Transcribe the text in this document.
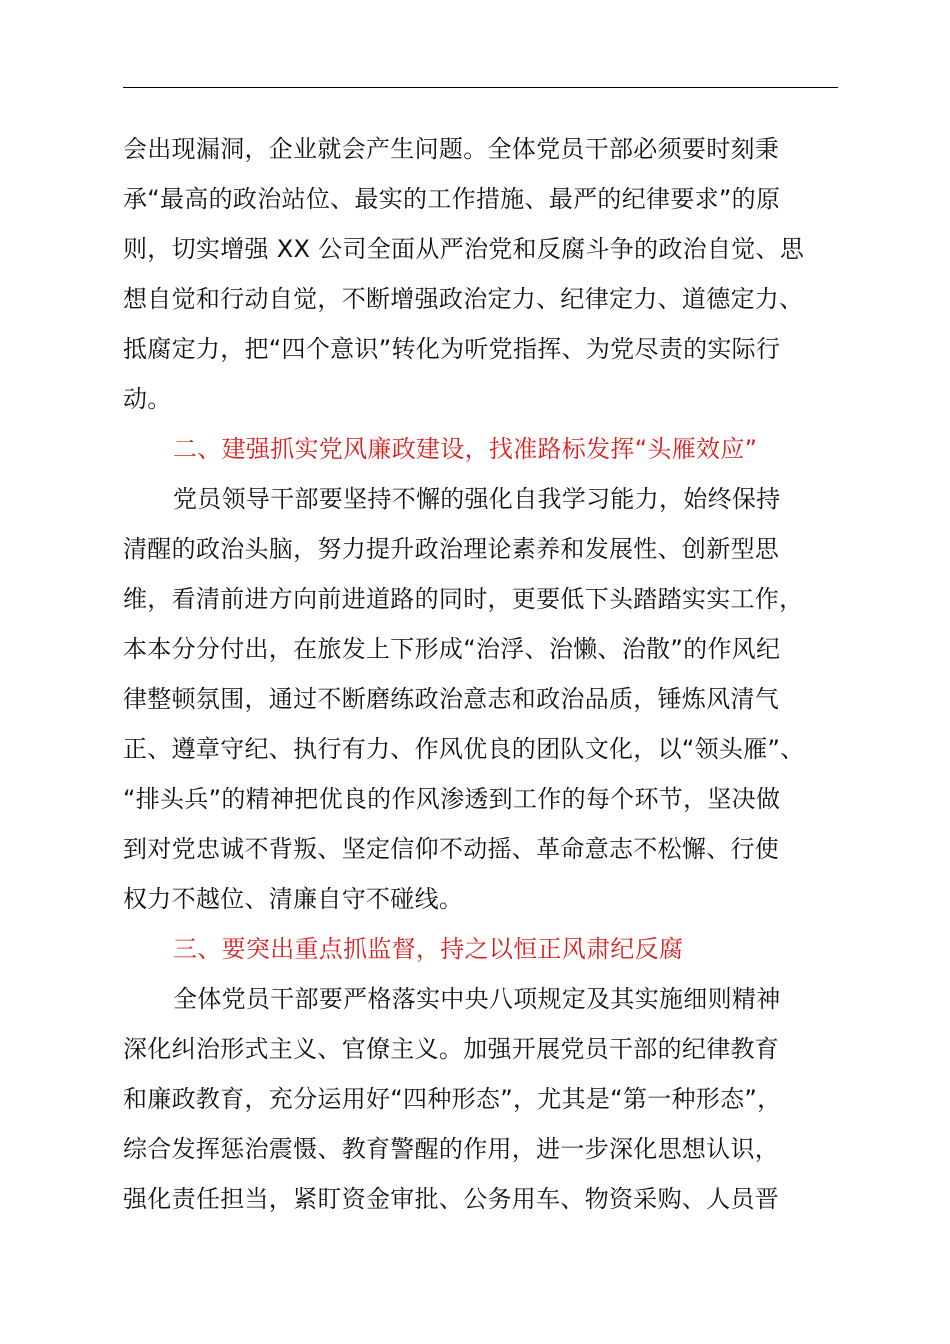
会出现漏洞，企业就会产生问题。全体党员干部必须要时刻秉
承“最高的政治站位、最实的工作措施、最严的纪律要求”的原
则，切实增强 XX 公司全面从严治党和反腐斗争的政治自觉、思
想自觉和行动自觉，不断增强政治定力、纪律定力、道德定力、
抵腐定力，把“四个意识”转化为听党指挥、为党尽责的实际行
动。
二、建强抓实党风廉政建设，找准路标发挥“头雁效应”
党员领导干部要坚持不懈的强化自我学习能力，始终保持
清醒的政治头脑，努力提升政治理论素养和发展性、创新型思
维，看清前进方向前进道路的同时，更要低下头踏踏实实工作，
本本分分付出，在旅发上下形成“治浮、治懒、治散”的作风纪
律整顿氛围，通过不断磨练政治意志和政治品质，锤炼风清气
正、遵章守纪、执行有力、作风优良的团队文化，以“领头雁”、
“排头兵”的精神把优良的作风渗透到工作的每个环节，坚决做
到对党忠诚不背叛、坚定信仰不动摇、革命意志不松懈、行使
权力不越位、清廉自守不碰线。
三、要突出重点抓监督，持之以恒正风肃纪反腐
全体党员干部要严格落实中央八项规定及其实施细则精神
深化纠治形式主义、官僚主义。加强开展党员干部的纪律教育
和廉政教育，充分运用好“四种形态”，尤其是“第一种形态”，
综合发挥惩治震慑、教育警醒的作用，进一步深化思想认识，
强化责任担当，紧盯资金审批、公务用车、物资采购、人员晋
